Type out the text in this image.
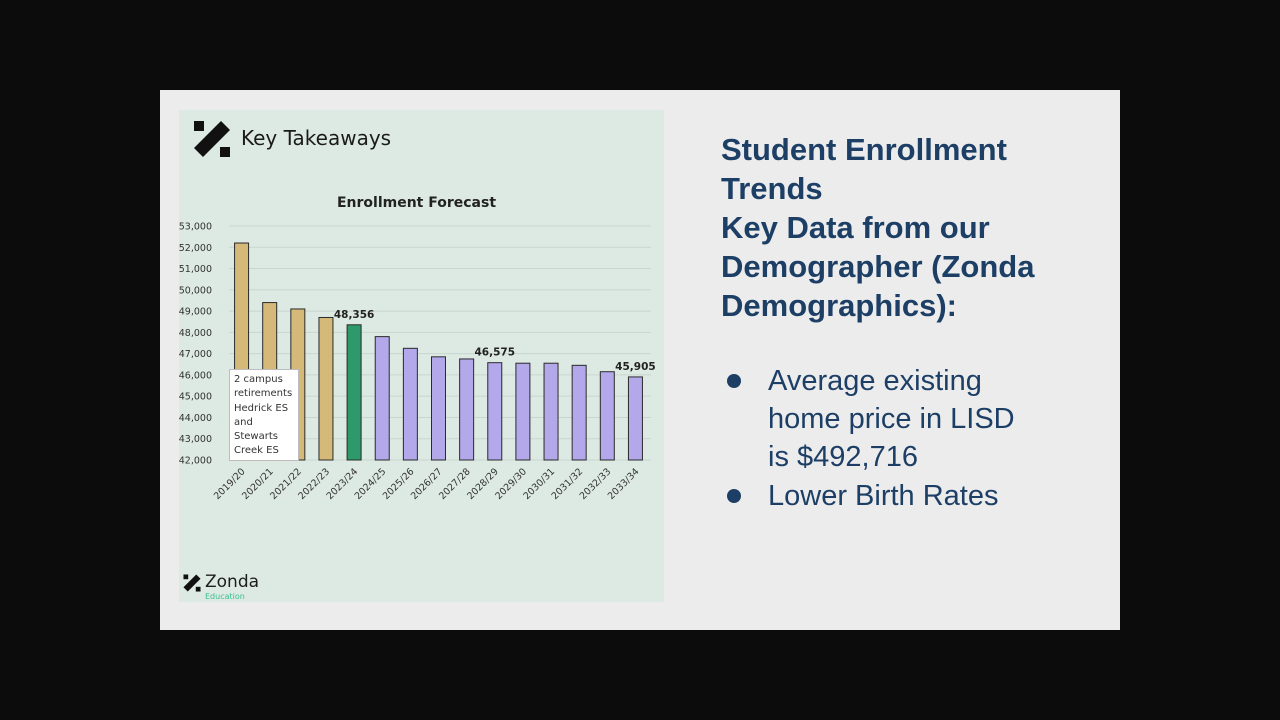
Key Takeaways
Enrollment Forecast
42,000
43,000
44,000
45,000
46,000
47,000
48,000
49,000
50,000
51,000
52,000
53,000
2019/20
2020/21
2021/22
2022/23
2023/24
48,356
2024/25
2025/26
2026/27
2027/28
2028/29
46,575
2029/30
2030/31
2031/32
2032/33
2033/34
45,905
2 campus
retirements
Hedrick ES
and
Stewarts
Creek ES
Zonda
Education
Student Enrollment
Trends
Key Data from our
Demographer (Zonda
Demographics):
Average existing
home price in LISD
is $492,716
Lower Birth Rates
